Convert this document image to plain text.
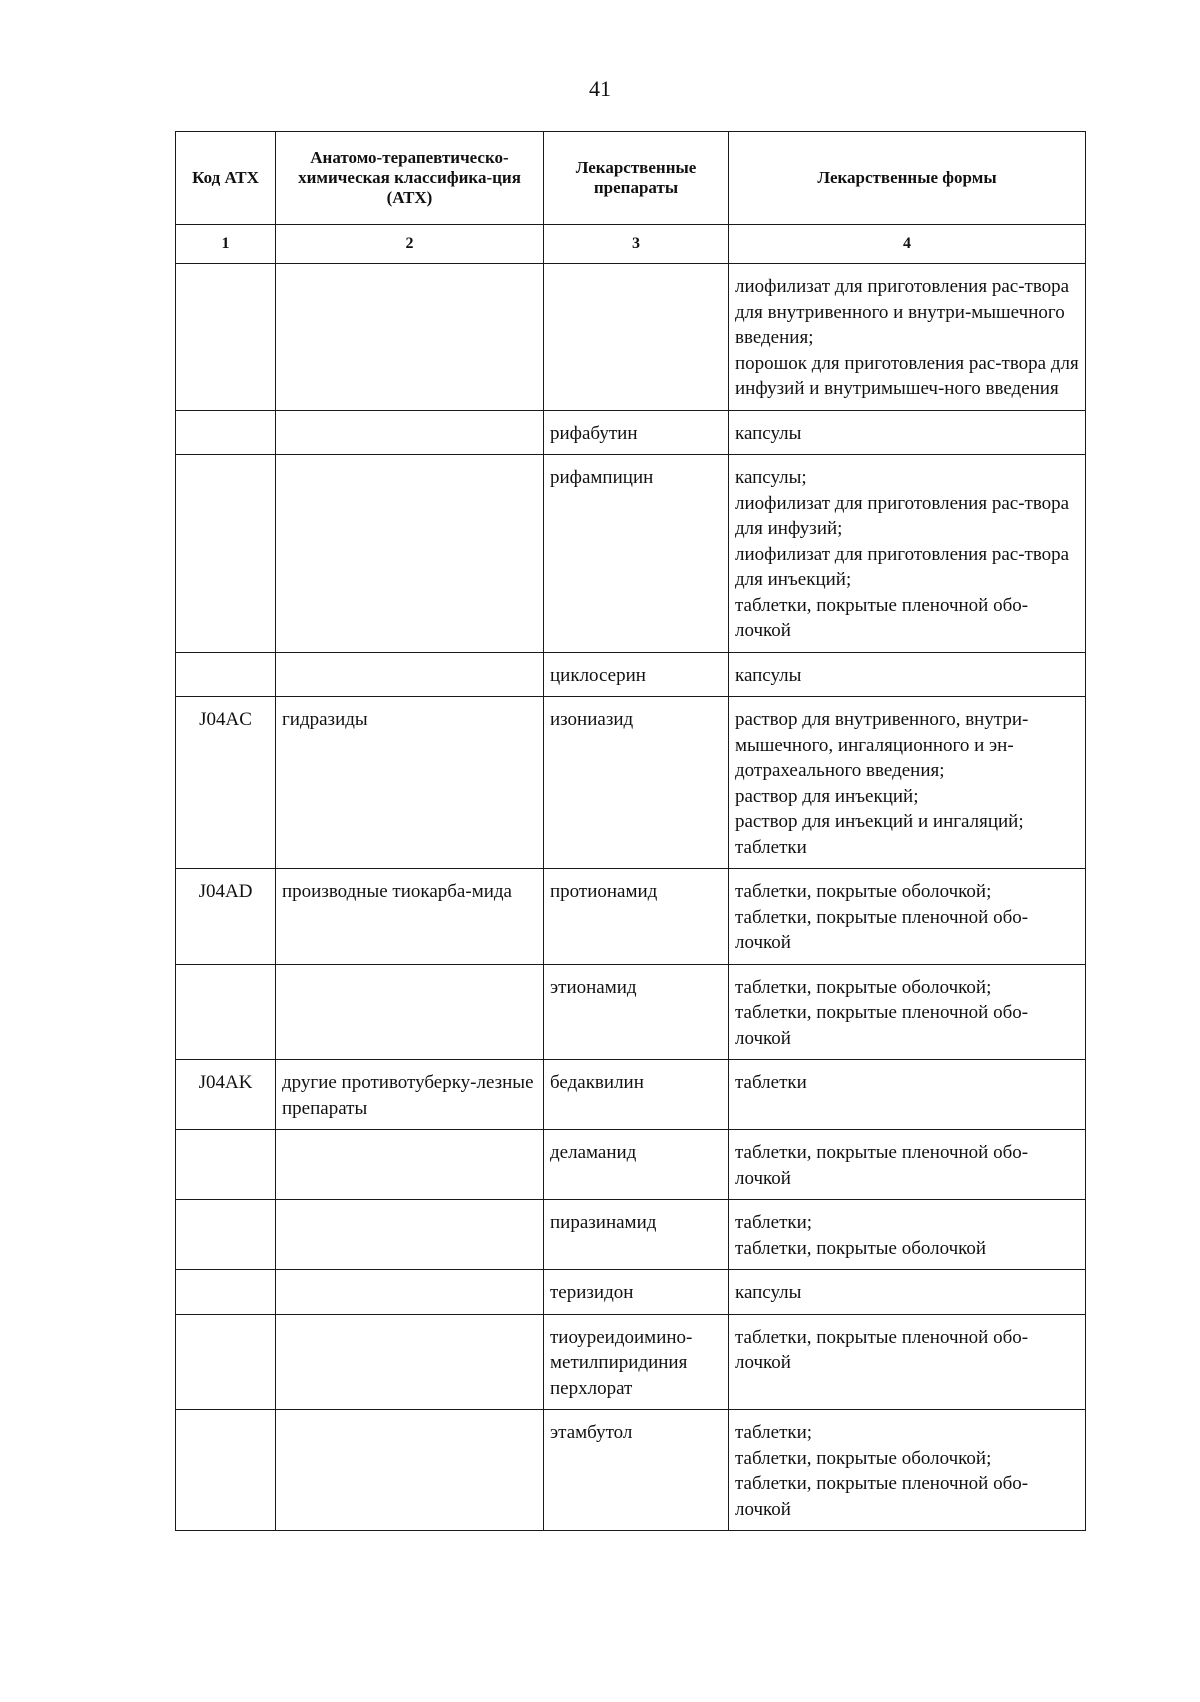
41
Код АТХ	Анатомо-терапевтическо-химическая классифика-ция (АТХ)	Лекарственные препараты	Лекарственные формы
1	2	3	4

			лиофилизат для приготовления рас-твора для внутривенного и внутри-мышечного введения;
порошок для приготовления рас-твора для инфузий и внутримышеч-ного введения

		рифабутин	капсулы

		рифампицин	капсулы;
лиофилизат для приготовления рас-твора для инфузий;
лиофилизат для приготовления рас-твора для инъекций;
таблетки, покрытые пленочной обо-лочкой

		циклосерин	капсулы

J04AC	гидразиды	изониазид	раствор для внутривенного, внутри-мышечного, ингаляционного и эн-дотрахеального введения;
раствор для инъекций;
раствор для инъекций и ингаляций;
таблетки

J04AD	производные тиокарба-мида	протионамид	таблетки, покрытые оболочкой;
таблетки, покрытые пленочной обо-лочкой

		этионамид	таблетки, покрытые оболочкой;
таблетки, покрытые пленочной обо-лочкой

J04AK	другие противотуберку-лезные препараты	бедаквилин	таблетки

		деламанид	таблетки, покрытые пленочной обо-лочкой

		пиразинамид	таблетки;
таблетки, покрытые оболочкой

		теризидон	капсулы

		тиоуреидоимино-метилпиридиния перхлорат	таблетки, покрытые пленочной обо-лочкой

		этамбутол	таблетки;
таблетки, покрытые оболочкой;
таблетки, покрытые пленочной обо-лочкой
